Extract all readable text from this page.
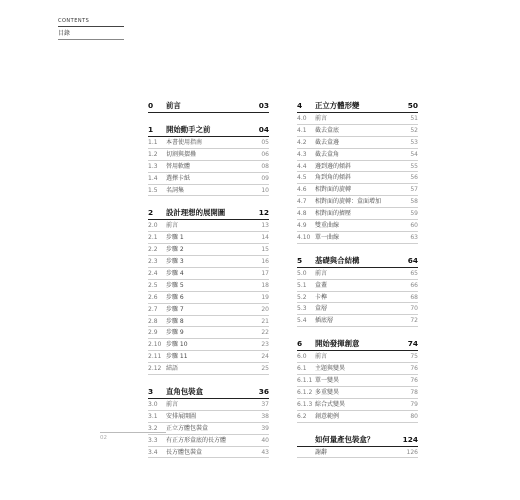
CONTENTS
目錄
0	前言	03
1	開始動手之前	04
1.1	本書使用指南	05
1.2	切割與摺疊	06
1.3	替用軟體	08
1.4	選擇卡紙	09
1.5	名詞集	10
2	設計理想的展開圖	12
2.0	前言	13
2.1	步驟 1	14
2.2	步驟 2	15
2.3	步驟 3	16
2.4	步驟 4	17
2.5	步驟 5	18
2.6	步驟 6	19
2.7	步驟 7	20
2.8	步驟 8	21
2.9	步驟 9	22
2.10 步驟 10	23
2.11 步驟 11	24
2.12 結語	25
3	直角包裝盒	36
3.0	前言	37
3.1	安排展開圖	38
3.2	正立方體包裝盒	39
3.3	有正方形盒底的長方體	40
3.4	長方體包裝盒	43
4	正立方體形變	50
4.0	前言	51
4.1	截去盒底	52
4.2	截去盒邊	53
4.3	截去盒角	54
4.4	邊到邊的傾斜	55
4.5	角到角的傾斜	56
4.6	相對面的旋轉	57
4.7	相對面的旋轉：盒面增加	58
4.8	相對面的擠壓	59
4.9	雙重曲線	60
4.10 單一曲線	63
5	基礎與合結構	64
5.0	前言	65
5.1	盒蓋	66
5.2	卡榫	68
5.3	盒層	70
5.4	插底層	72
6	開始發揮創意	74
6.0	前言	75
6.1	主題與變異	76
6.1.1 單一變異	76
6.1.2 多重變異	78
6.1.3 綜合式變異	79
6.2	創意範例	80
如何量產包裝盒？	124
謝辭	126
02
